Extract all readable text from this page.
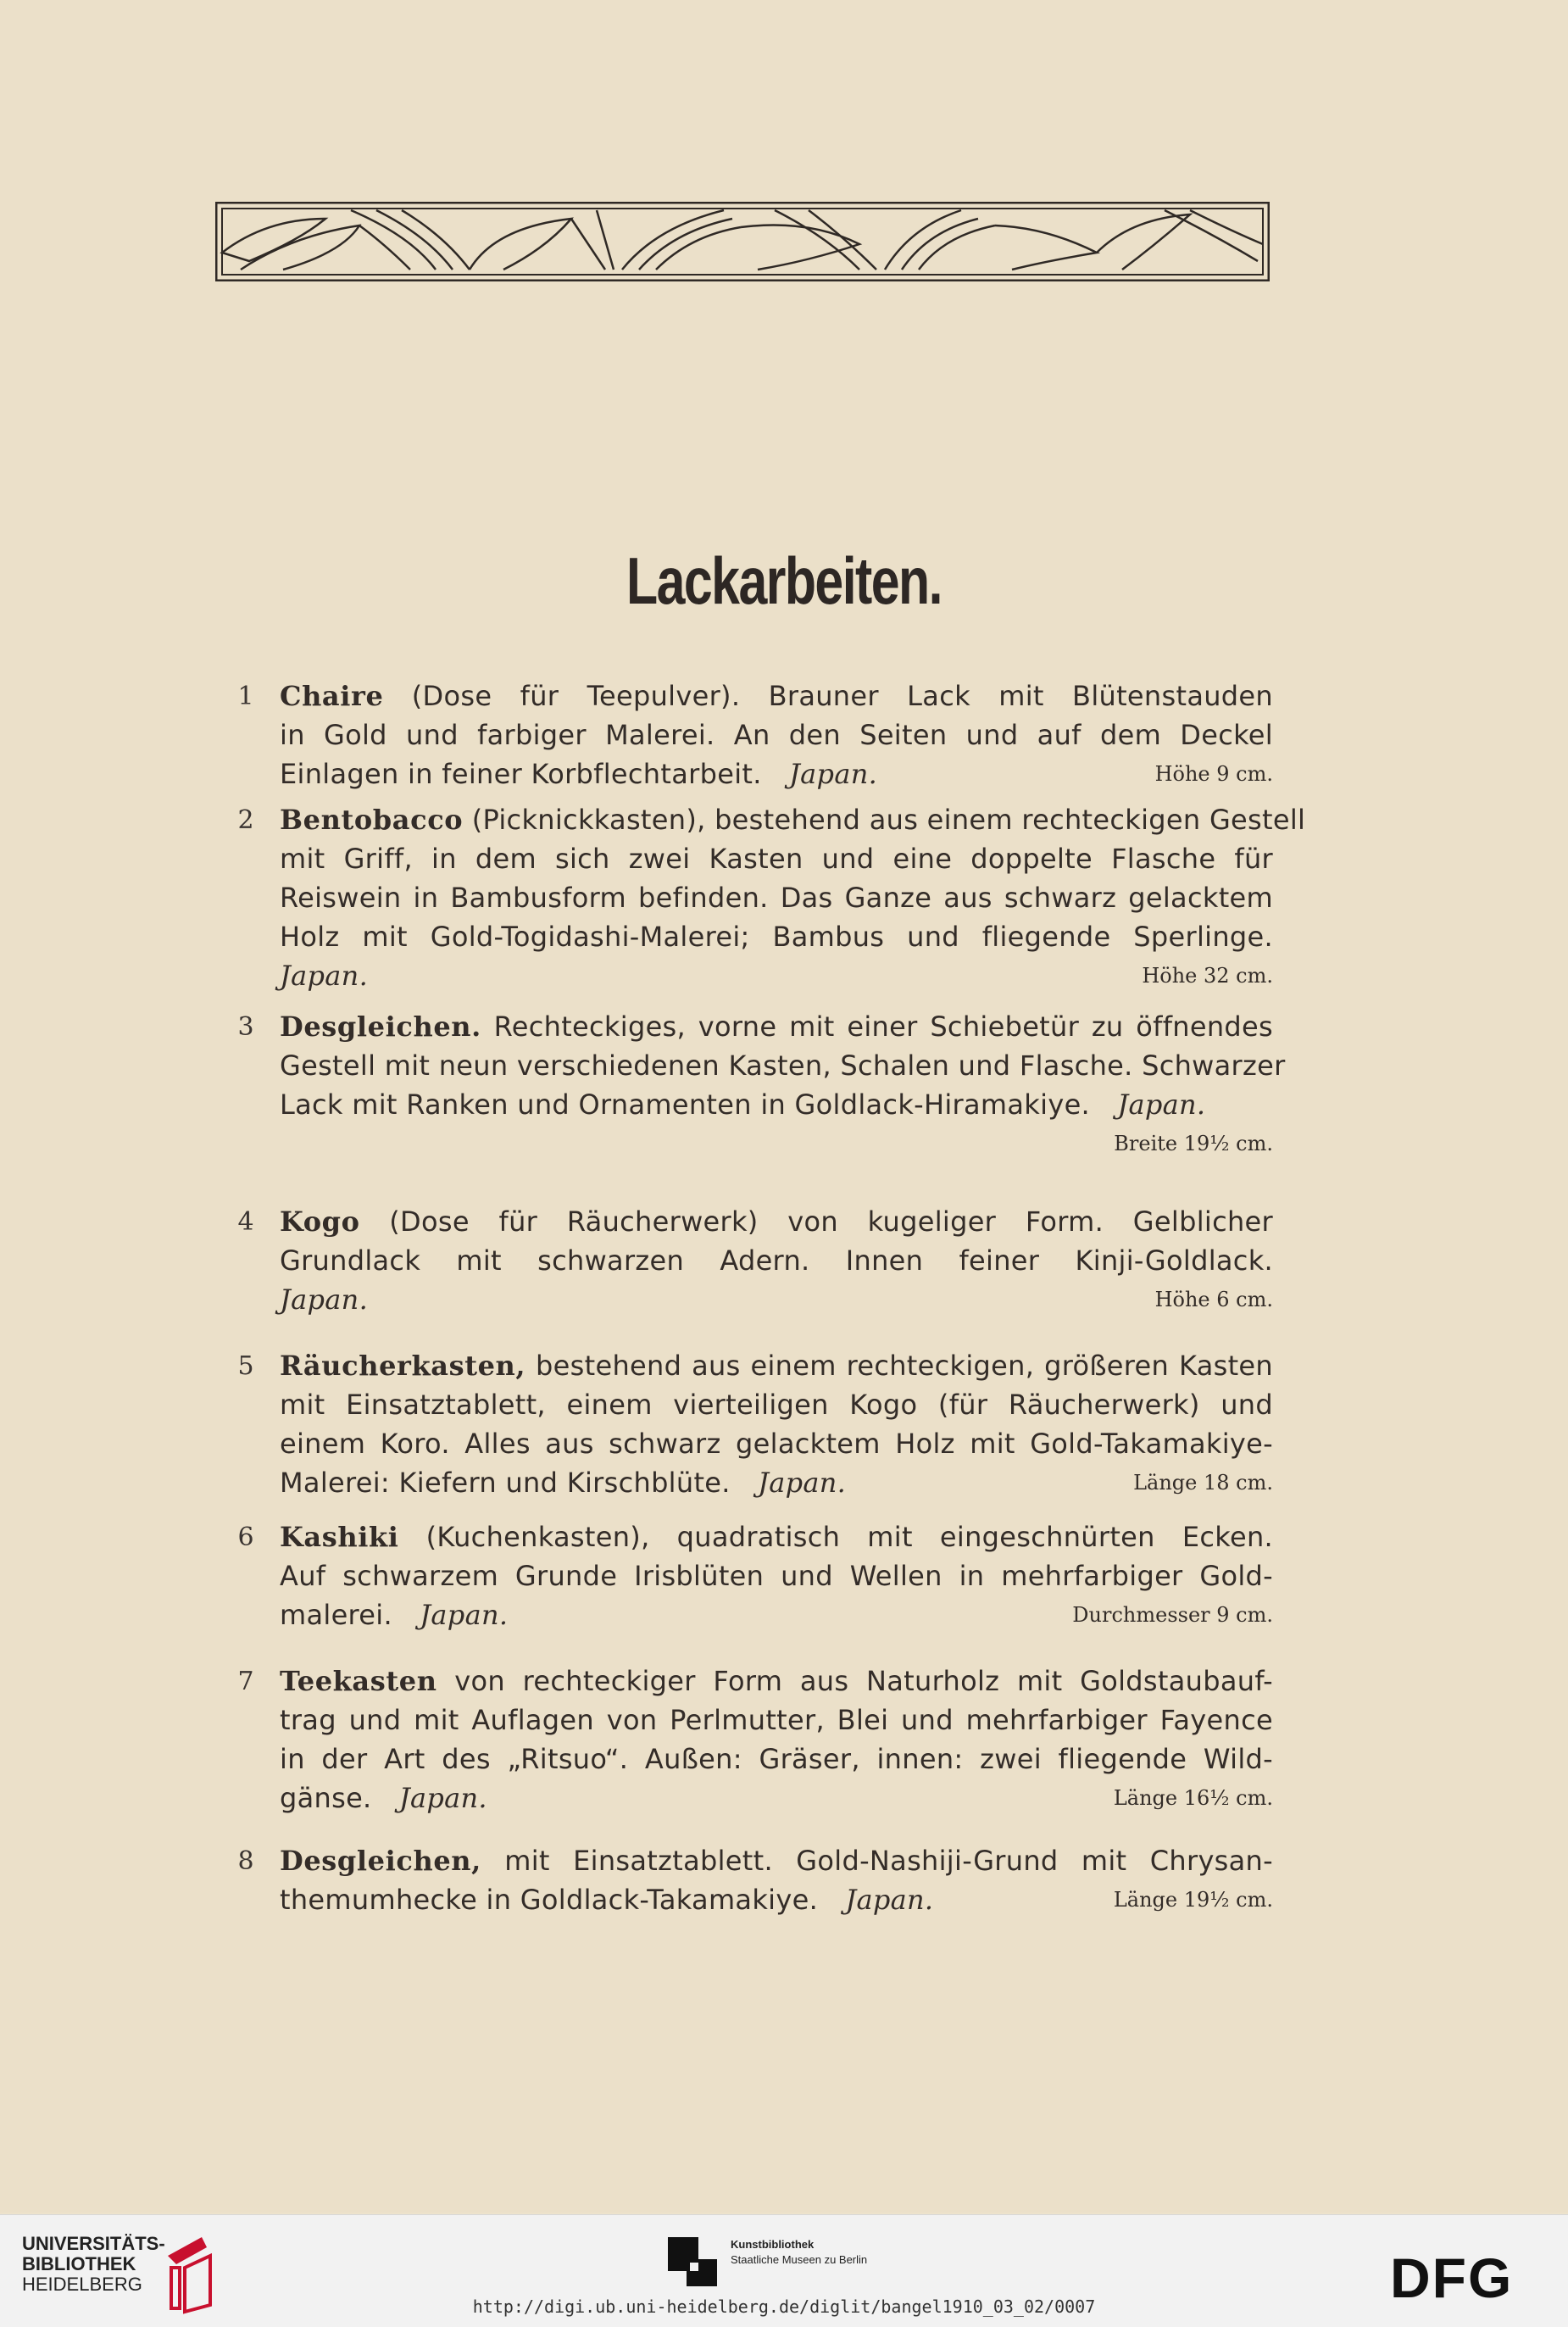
Lackarbeiten.
1 Chaire (Dose für Teepulver). Brauner Lack mit Blütenstauden
in Gold und farbiger Malerei. An den Seiten und auf dem Deckel
Einlagen in feiner Korbflechtarbeit.  Japan.	Höhe 9 cm.
2 Bentobacco (Picknickkasten), bestehend aus einem rechteckigen Gestell
mit Griff, in dem sich zwei Kasten und eine doppelte Flasche für
Reiswein in Bambusform befinden. Das Ganze aus schwarz gelacktem
Holz mit Gold-Togidashi-Malerei; Bambus und fliegende Sperlinge.
Japan.	Höhe 32 cm.
3 Desgleichen. Rechteckiges, vorne mit einer Schiebetür zu öffnendes
Gestell mit neun verschiedenen Kasten, Schalen und Flasche. Schwarzer
Lack mit Ranken und Ornamenten in Goldlack-Hiramakiye.  Japan.
Breite 19½ cm.
4 Kogo (Dose für Räucherwerk) von kugeliger Form. Gelblicher
Grundlack mit schwarzen Adern. Innen feiner Kinji-Goldlack.
Japan.	Höhe 6 cm.
5 Räucherkasten, bestehend aus einem rechteckigen, größeren Kasten
mit Einsatztablett, einem vierteiligen Kogo (für Räucherwerk) und
einem Koro. Alles aus schwarz gelacktem Holz mit Gold-Takamakiye-
Malerei: Kiefern und Kirschblüte.  Japan.	Länge 18 cm.
6 Kashiki (Kuchenkasten), quadratisch mit eingeschnürten Ecken.
Auf schwarzem Grunde Irisblüten und Wellen in mehrfarbiger Gold-
malerei.  Japan.	Durchmesser 9 cm.
7 Teekasten von rechteckiger Form aus Naturholz mit Goldstaubauf-
trag und mit Auflagen von Perlmutter, Blei und mehrfarbiger Fayence
in der Art des „Ritsuo“. Außen: Gräser, innen: zwei fliegende Wild-
gänse.  Japan.	Länge 16½ cm.
8 Desgleichen, mit Einsatztablett. Gold-Nashiji-Grund mit Chrysan-
themumhecke in Goldlack-Takamakiye.  Japan.	Länge 19½ cm.
UNIVERSITÄTS-
BIBLIOTHEK
HEIDELBERG
Kunstbibliothek
Staatliche Museen zu Berlin	DFG
http://digi.ub.uni-heidelberg.de/diglit/bangel1910_03_02/0007
